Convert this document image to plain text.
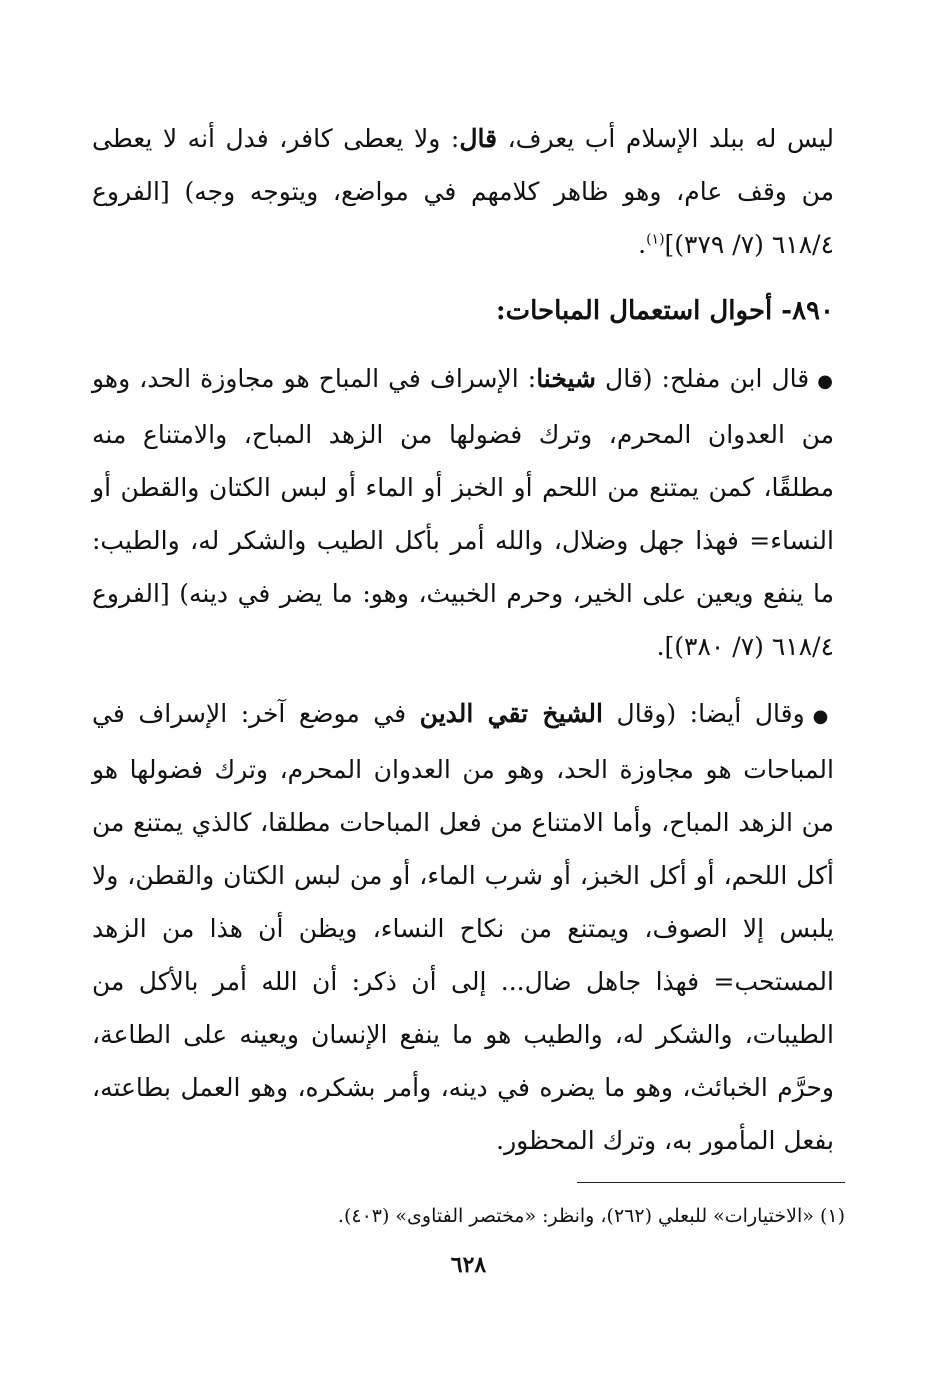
ليس له ببلد الإسلام أب يعرف، قال: ولا يعطى كافر، فدل أنه لا يعطى من وقف عام، وهو ظاهر كلامهم في مواضع، ويتوجه وجه) [الفروع ٦١٨/٤ (٧/ ٣٧٩)]$^{(١)}$.

٨٩٠- أحوال استعمال المباحات:

●قال ابن مفلح: (قال شيخنا: الإسراف في المباح هو مجاوزة الحد، وهو من العدوان المحرم، وترك فضولها من الزهد المباح، والامتناع منه مطلقًا، كمن يمتنع من اللحم أو الخبز أو الماء أو لبس الكتان والقطن أو النساء= فهذا جهل وضلال، والله أمر بأكل الطيب والشكر له، والطيب: ما ينفع ويعين على الخير، وحرم الخبيث، وهو: ما يضر في دينه) [الفروع ٦١٨/٤ (٧/ ٣٨٠)].

●وقال أيضا: (وقال الشيخ تقي الدين في موضع آخر: الإسراف في المباحات هو مجاوزة الحد، وهو من العدوان المحرم، وترك فضولها هو من الزهد المباح، وأما الامتناع من فعل المباحات مطلقا، كالذي يمتنع من أكل اللحم، أو أكل الخبز، أو شرب الماء، أو من لبس الكتان والقطن، ولا يلبس إلا الصوف، ويمتنع من نكاح النساء، ويظن أن هذا من الزهد المستحب= فهذا جاهل ضال... إلى أن ذكر: أن الله أمر بالأكل من الطيبات، والشكر له، والطيب هو ما ينفع الإنسان ويعينه على الطاعة، وحرَّم الخبائث، وهو ما يضره في دينه، وأمر بشكره، وهو العمل بطاعته، بفعل المأمور به، وترك المحظور.

(١) «الاختيارات» للبعلي (٢٦٢)، وانظر: «مختصر الفتاوى» (٤٠٣).
٦٢٨
